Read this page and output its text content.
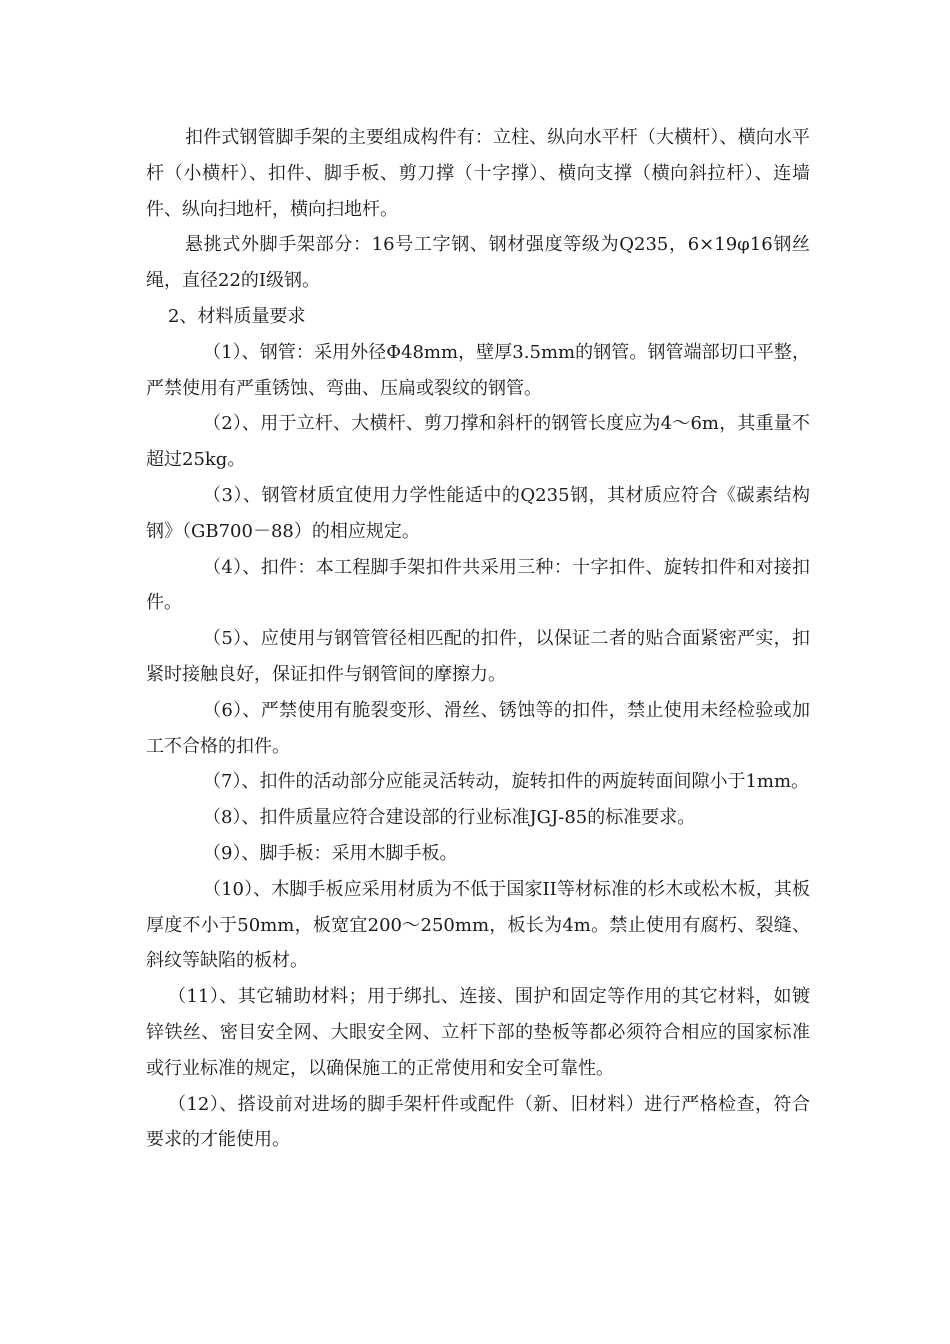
扣件式钢管脚手架的主要组成构件有：立柱、纵向水平杆（大横杆）、横向水平杆（小横杆）、扣件、脚手板、剪刀撑（十字撑）、横向支撑（横向斜拉杆）、连墙件、纵向扫地杆，横向扫地杆。

悬挑式外脚手架部分：16号工字钢、钢材强度等级为Q235，6×19φ16钢丝绳，直径22的Ⅰ级钢。

2、材料质量要求

（1）、钢管：采用外径Φ48mm，壁厚3.5mm的钢管。钢管端部切口平整，严禁使用有严重锈蚀、弯曲、压扁或裂纹的钢管。

（2）、用于立杆、大横杆、剪刀撑和斜杆的钢管长度应为4～6m，其重量不超过25kg。

（3）、钢管材质宜使用力学性能适中的Q235钢，其材质应符合《碳素结构钢》（GB700－88）的相应规定。

（4）、扣件：本工程脚手架扣件共采用三种：十字扣件、旋转扣件和对接扣件。

（5）、应使用与钢管管径相匹配的扣件，以保证二者的贴合面紧密严实，扣紧时接触良好，保证扣件与钢管间的摩擦力。

（6）、严禁使用有脆裂变形、滑丝、锈蚀等的扣件，禁止使用未经检验或加工不合格的扣件。

（7）、扣件的活动部分应能灵活转动，旋转扣件的两旋转面间隙小于1mm。

（8）、扣件质量应符合建设部的行业标准JGJ-85的标准要求。

（9）、脚手板：采用木脚手板。

（10）、木脚手板应采用材质为不低于国家II等材标准的杉木或松木板，其板厚度不小于50mm，板宽宜200～250mm，板长为4m。禁止使用有腐朽、裂缝、斜纹等缺陷的板材。

（11）、其它辅助材料；用于绑扎、连接、围护和固定等作用的其它材料，如镀锌铁丝、密目安全网、大眼安全网、立杆下部的垫板等都必须符合相应的国家标准或行业标准的规定，以确保施工的正常使用和安全可靠性。

（12）、搭设前对进场的脚手架杆件或配件（新、旧材料）进行严格检查，符合要求的才能使用。
